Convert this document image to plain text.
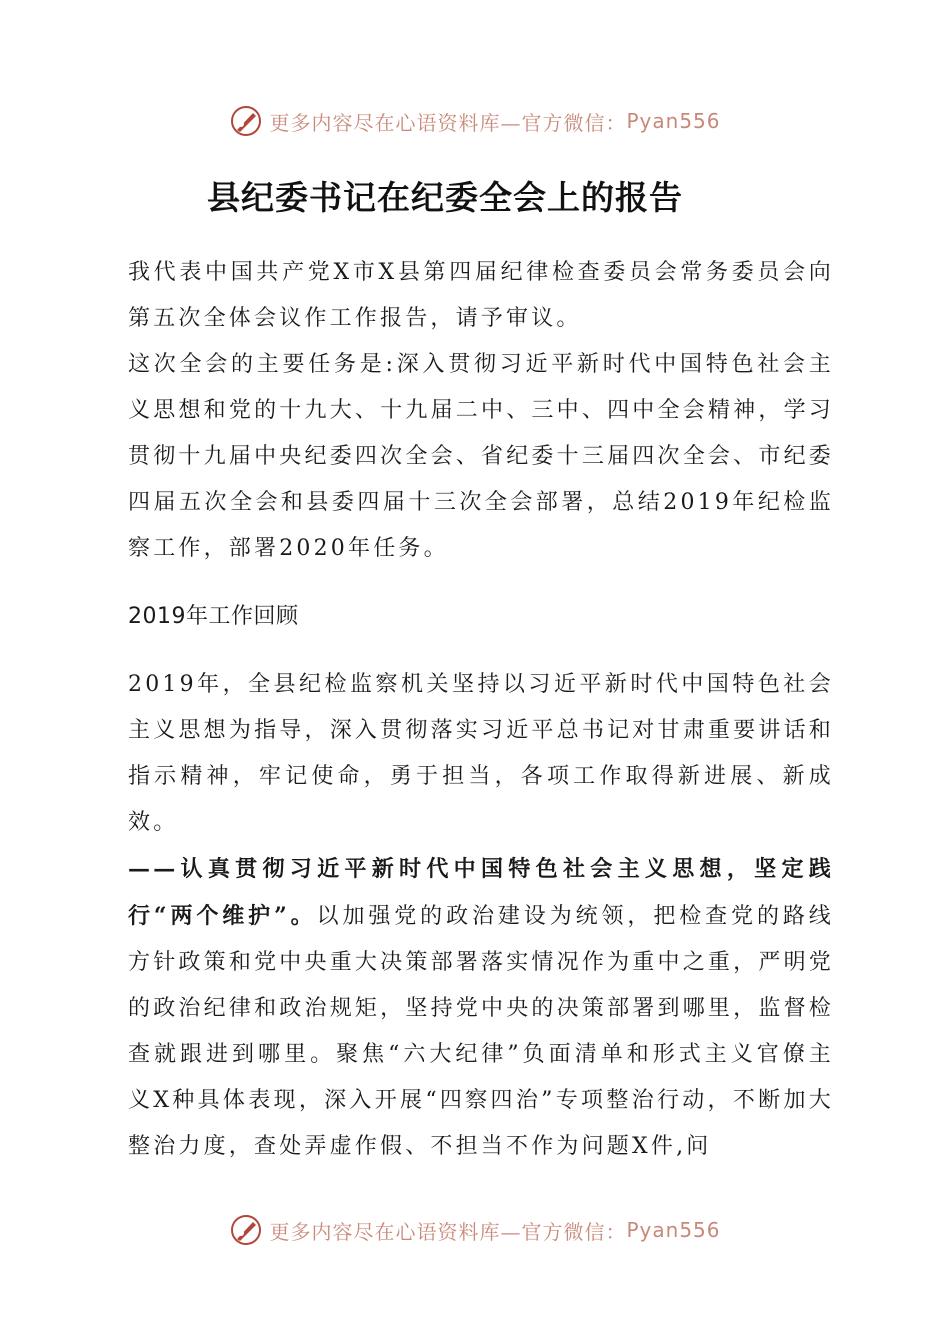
更多内容尽在心语资料库—官方微信： Pyan556
县纪委书记在纪委全会上的报告

我代表中国共产党X市X县第四届纪律检查委员会常务委员会向第五次全体会议作工作报告，请予审议。

这次全会的主要任务是:深入贯彻习近平新时代中国特色社会主义思想和党的十九大、十九届二中、三中、四中全会精神，学习贯彻十九届中央纪委四次全会、省纪委十三届四次全会、市纪委四届五次全会和县委四届十三次全会部署，总结2019年纪检监察工作，部署2020年任务。

2019年工作回顾

2019年，全县纪检监察机关坚持以习近平新时代中国特色社会主义思想为指导，深入贯彻落实习近平总书记对甘肃重要讲话和指示精神，牢记使命，勇于担当，各项工作取得新进展、新成效。

——认真贯彻习近平新时代中国特色社会主义思想，坚定践行“两个维护”。以加强党的政治建设为统领，把检查党的路线方针政策和党中央重大决策部署落实情况作为重中之重，严明党的政治纪律和政治规矩，坚持党中央的决策部署到哪里，监督检查就跟进到哪里。聚焦“六大纪律”负面清单和形式主义官僚主义X种具体表现，深入开展“四察四治”专项整治行动，不断加大整治力度，查处弄虚作假、不担当不作为问题X件,问

更多内容尽在心语资料库—官方微信： Pyan556
